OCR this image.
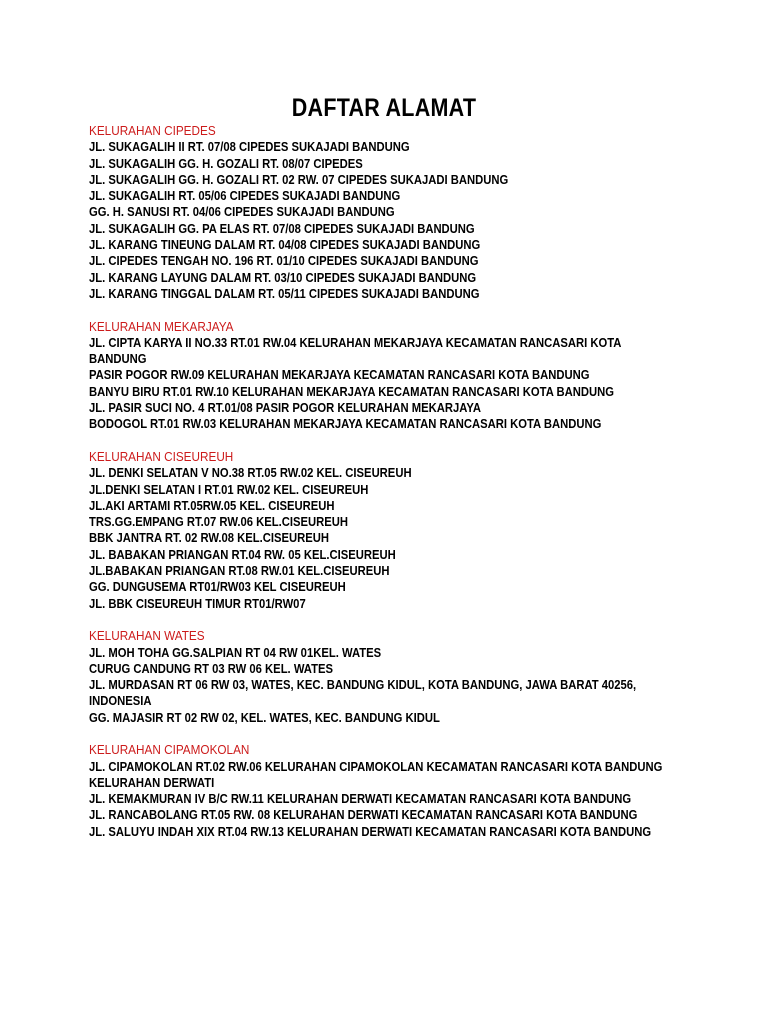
DAFTAR ALAMAT
KELURAHAN CIPEDES
JL. SUKAGALIH II RT. 07/08 CIPEDES SUKAJADI BANDUNG
JL. SUKAGALIH GG. H. GOZALI RT. 08/07 CIPEDES
JL. SUKAGALIH GG. H. GOZALI RT. 02 RW. 07 CIPEDES SUKAJADI BANDUNG
JL. SUKAGALIH RT. 05/06 CIPEDES SUKAJADI BANDUNG
GG. H. SANUSI RT. 04/06 CIPEDES SUKAJADI BANDUNG
JL. SUKAGALIH GG. PA ELAS RT. 07/08 CIPEDES SUKAJADI BANDUNG
JL. KARANG TINEUNG DALAM RT. 04/08 CIPEDES SUKAJADI BANDUNG
JL. CIPEDES TENGAH NO. 196 RT. 01/10 CIPEDES SUKAJADI BANDUNG
JL. KARANG LAYUNG DALAM RT. 03/10 CIPEDES SUKAJADI BANDUNG
JL. KARANG TINGGAL DALAM RT. 05/11 CIPEDES SUKAJADI BANDUNG
KELURAHAN MEKARJAYA
JL. CIPTA KARYA II NO.33 RT.01 RW.04 KELURAHAN MEKARJAYA KECAMATAN RANCASARI KOTA BANDUNG
PASIR POGOR RW.09 KELURAHAN MEKARJAYA KECAMATAN RANCASARI KOTA BANDUNG
BANYU BIRU RT.01 RW.10 KELURAHAN MEKARJAYA KECAMATAN RANCASARI KOTA BANDUNG
JL. PASIR SUCI NO. 4 RT.01/08 PASIR POGOR KELURAHAN MEKARJAYA
BODOGOL RT.01 RW.03 KELURAHAN MEKARJAYA KECAMATAN RANCASARI KOTA BANDUNG
KELURAHAN CISEUREUH
JL. DENKI SELATAN V NO.38 RT.05 RW.02 KEL. CISEUREUH
JL.DENKI SELATAN I RT.01 RW.02 KEL. CISEUREUH
JL.AKI ARTAMI RT.05RW.05 KEL. CISEUREUH
TRS.GG.EMPANG RT.07 RW.06 KEL.CISEUREUH
BBK JANTRA RT. 02 RW.08 KEL.CISEUREUH
JL. BABAKAN PRIANGAN RT.04 RW. 05 KEL.CISEUREUH
JL.BABAKAN PRIANGAN RT.08 RW.01 KEL.CISEUREUH
GG. DUNGUSEMA RT01/RW03 KEL CISEUREUH
JL. BBK CISEUREUH TIMUR RT01/RW07
KELURAHAN WATES
JL. MOH TOHA GG.SALPIAN RT 04 RW 01KEL. WATES
CURUG CANDUNG RT 03 RW 06 KEL. WATES
JL. MURDASAN RT 06 RW 03, WATES, KEC. BANDUNG KIDUL, KOTA BANDUNG, JAWA BARAT 40256, INDONESIA
GG. MAJASIR RT 02 RW 02, KEL. WATES, KEC. BANDUNG KIDUL
KELURAHAN CIPAMOKOLAN
JL. CIPAMOKOLAN RT.02 RW.06 KELURAHAN CIPAMOKOLAN KECAMATAN RANCASARI KOTA BANDUNG
KELURAHAN DERWATI
JL. KEMAKMURAN IV B/C RW.11 KELURAHAN DERWATI KECAMATAN RANCASARI KOTA BANDUNG
JL. RANCABOLANG RT.05 RW. 08 KELURAHAN DERWATI KECAMATAN RANCASARI KOTA BANDUNG
JL. SALUYU INDAH XIX RT.04 RW.13 KELURAHAN DERWATI KECAMATAN RANCASARI KOTA BANDUNG
